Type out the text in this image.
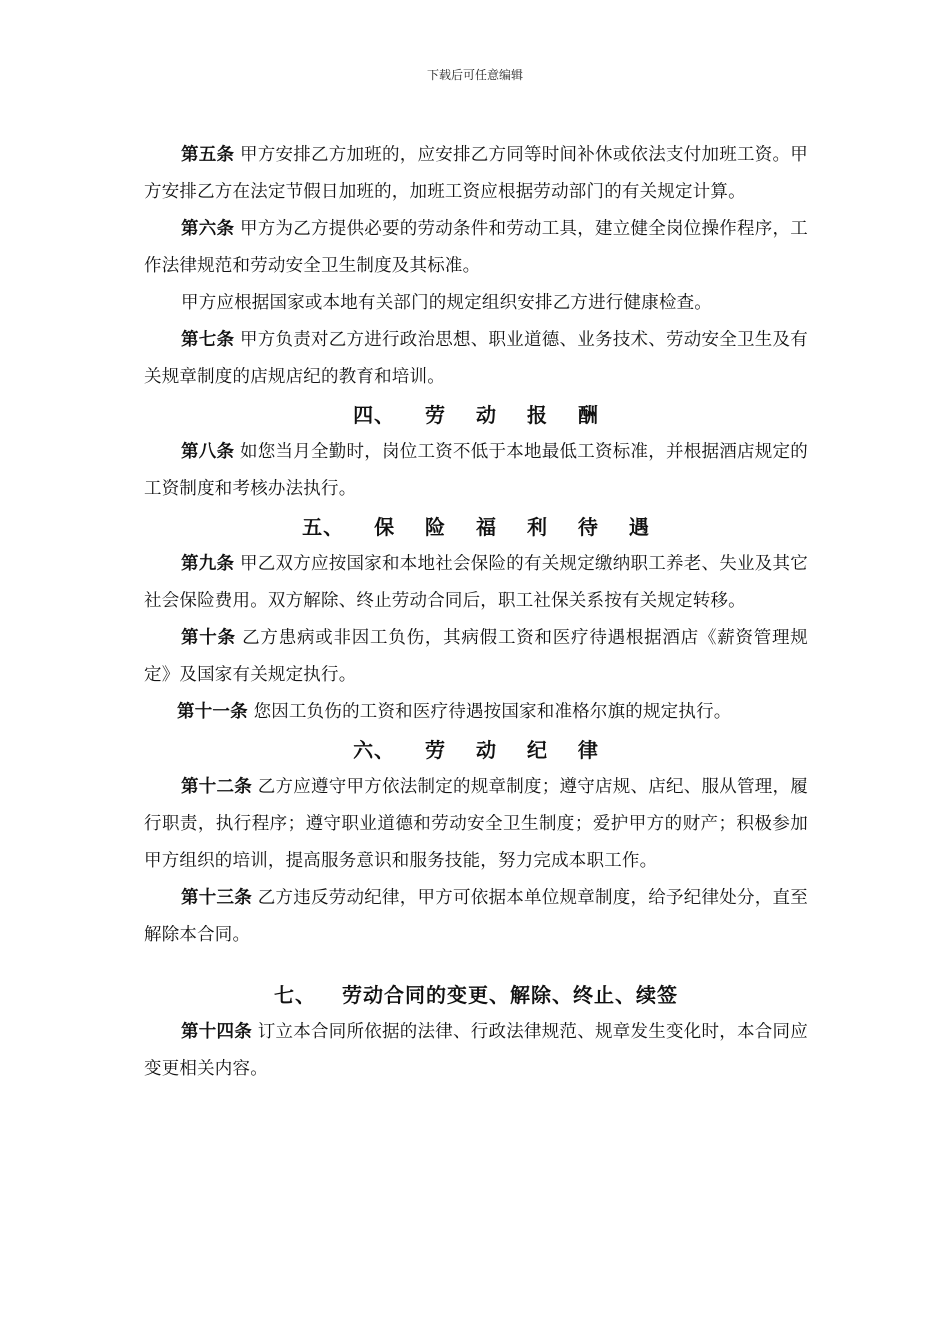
下载后可任意编辑

第五条 甲方安排乙方加班的，应安排乙方同等时间补休或依法支付加班工资。甲方安排乙方在法定节假日加班的，加班工资应根据劳动部门的有关规定计算。

第六条 甲方为乙方提供必要的劳动条件和劳动工具，建立健全岗位操作程序，工作法律规范和劳动安全卫生制度及其标准。

甲方应根据国家或本地有关部门的规定组织安排乙方进行健康检查。

第七条 甲方负责对乙方进行政治思想、职业道德、业务技术、劳动安全卫生及有关规章制度的店规店纪的教育和培训。

四、 劳 动 报 酬

第八条 如您当月全勤时，岗位工资不低于本地最低工资标准，并根据酒店规定的工资制度和考核办法执行。

五、 保 险 福 利 待 遇

第九条 甲乙双方应按国家和本地社会保险的有关规定缴纳职工养老、失业及其它社会保险费用。双方解除、终止劳动合同后，职工社保关系按有关规定转移。

第十条 乙方患病或非因工负伤，其病假工资和医疗待遇根据酒店《薪资管理规定》及国家有关规定执行。

第十一条 您因工负伤的工资和医疗待遇按国家和准格尔旗的规定执行。

六、 劳 动 纪 律

第十二条 乙方应遵守甲方依法制定的规章制度；遵守店规、店纪、服从管理，履行职责，执行程序；遵守职业道德和劳动安全卫生制度；爱护甲方的财产；积极参加甲方组织的培训，提高服务意识和服务技能，努力完成本职工作。

第十三条 乙方违反劳动纪律，甲方可依据本单位规章制度，给予纪律处分，直至解除本合同。

七、 劳动合同的变更、解除、终止、续签

第十四条 订立本合同所依据的法律、行政法律规范、规章发生变化时，本合同应变更相关内容。
